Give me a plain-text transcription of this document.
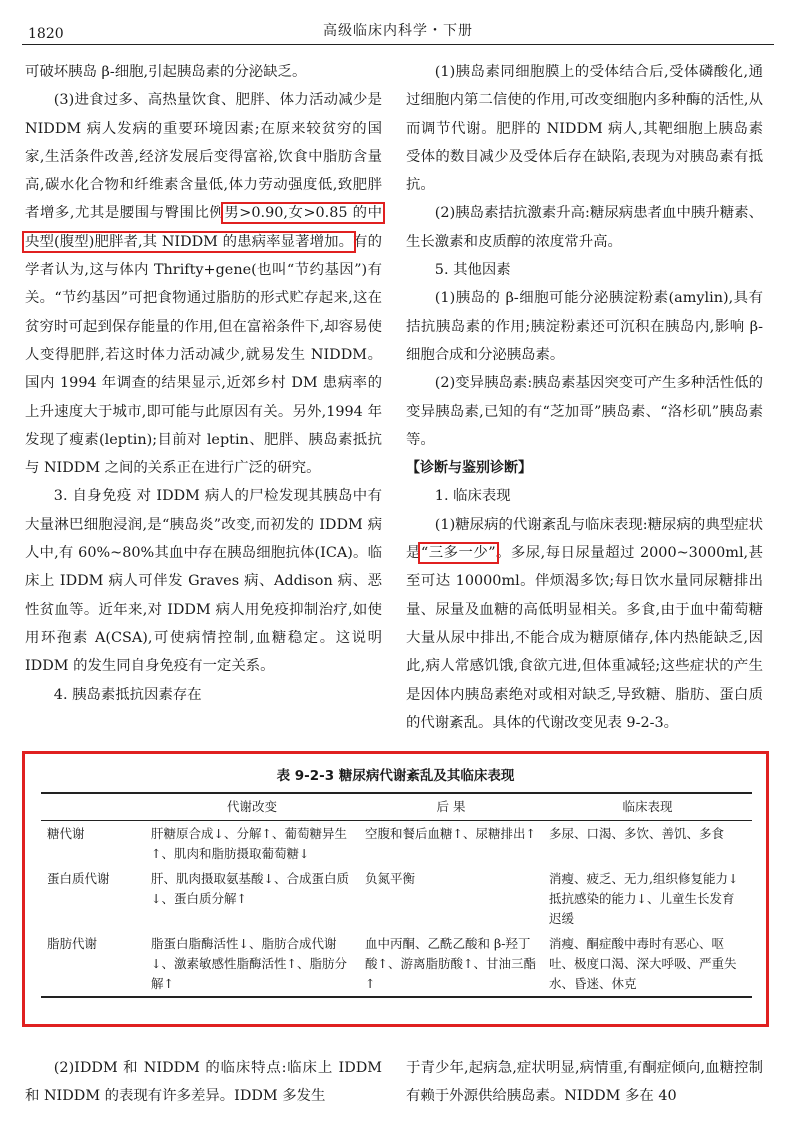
1820	高级临床内科学・下册

可破坏胰岛 β-细胞,引起胰岛素的分泌缺乏。

(3)进食过多、高热量饮食、肥胖、体力活动减少是 NIDDM 病人发病的重要环境因素;在原来较贫穷的国家,生活条件改善,经济发展后变得富裕,饮食中脂肪含量高,碳水化合物和纤维素含量低,体力劳动强度低,致肥胖者增多,尤其是腰围与臀围比例男>0.90,女>0.85 的中央型(腹型)肥胖者,其 NIDDM 的患病率显著增加。有的学者认为,这与体内 Thrifty+gene(也叫“节约基因”)有关。“节约基因”可把食物通过脂肪的形式贮存起来,这在贫穷时可起到保存能量的作用,但在富裕条件下,却容易使人变得肥胖,若这时体力活动减少,就易发生 NIDDM。国内 1994 年调查的结果显示,近郊乡村 DM 患病率的上升速度大于城市,即可能与此原因有关。另外,1994 年发现了瘦素(leptin);目前对 leptin、肥胖、胰岛素抵抗与 NIDDM 之间的关系正在进行广泛的研究。

3. 自身免疫 对 IDDM 病人的尸检发现其胰岛中有大量淋巴细胞浸润,是“胰岛炎”改变,而初发的 IDDM 病人中,有 60%~80%其血中存在胰岛细胞抗体(ICA)。临床上 IDDM 病人可伴发 Graves 病、Addison 病、恶性贫血等。近年来,对 IDDM 病人用免疫抑制治疗,如使用环孢素 A(CSA),可使病情控制,血糖稳定。这说明 IDDM 的发生同自身免疫有一定关系。

4. 胰岛素抵抗因素存在

(1)胰岛素同细胞膜上的受体结合后,受体磷酸化,通过细胞内第二信使的作用,可改变细胞内多种酶的活性,从而调节代谢。肥胖的 NIDDM 病人,其靶细胞上胰岛素受体的数目减少及受体后存在缺陷,表现为对胰岛素有抵抗。

(2)胰岛素拮抗激素升高:糖尿病患者血中胰升糖素、生长激素和皮质醇的浓度常升高。

5. 其他因素

(1)胰岛的 β-细胞可能分泌胰淀粉素(amylin),具有拮抗胰岛素的作用;胰淀粉素还可沉积在胰岛内,影响 β-细胞合成和分泌胰岛素。

(2)变异胰岛素:胰岛素基因突变可产生多种活性低的变异胰岛素,已知的有“芝加哥”胰岛素、“洛杉矶”胰岛素等。

【诊断与鉴别诊断】

1. 临床表现

(1)糖尿病的代谢紊乱与临床表现:糖尿病的典型症状是“三多一少”。多尿,每日尿量超过 2000~3000ml,甚至可达 10000ml。伴烦渴多饮;每日饮水量同尿糖排出量、尿量及血糖的高低明显相关。多食,由于血中葡萄糖大量从尿中排出,不能合成为糖原储存,体内热能缺乏,因此,病人常感饥饿,食欲亢进,但体重减轻;这些症状的产生是因体内胰岛素绝对或相对缺乏,导致糖、脂肪、蛋白质的代谢紊乱。具体的代谢改变见表 9-2-3。

表 9-2-3 糖尿病代谢紊乱及其临床表现
	代谢改变	后 果	临床表现
糖代谢	肝糖原合成↓、分解↑、葡萄糖异生↑、肌肉和脂肪摄取葡萄糖↓	空腹和餐后血糖↑、尿糖排出↑	多尿、口渴、多饮、善饥、多食
蛋白质代谢	肝、肌肉摄取氨基酸↓、合成蛋白质↓、蛋白质分解↑	负氮平衡	消瘦、疲乏、无力,组织修复能力↓抵抗感染的能力↓、儿童生长发育迟缓
脂肪代谢	脂蛋白脂酶活性↓、脂肪合成代谢↓、激素敏感性脂酶活性↑、脂肪分解↑	血中丙酮、乙酰乙酸和 β-羟丁酸↑、游离脂肪酸↑、甘油三酯↑	消瘦、酮症酸中毒时有恶心、呕吐、极度口渴、深大呼吸、严重失水、昏迷、休克

(2)IDDM 和 NIDDM 的临床特点:临床上 IDDM 和 NIDDM 的表现有许多差异。IDDM 多发生

于青少年,起病急,症状明显,病情重,有酮症倾向,血糖控制有赖于外源供给胰岛素。NIDDM 多在 40
